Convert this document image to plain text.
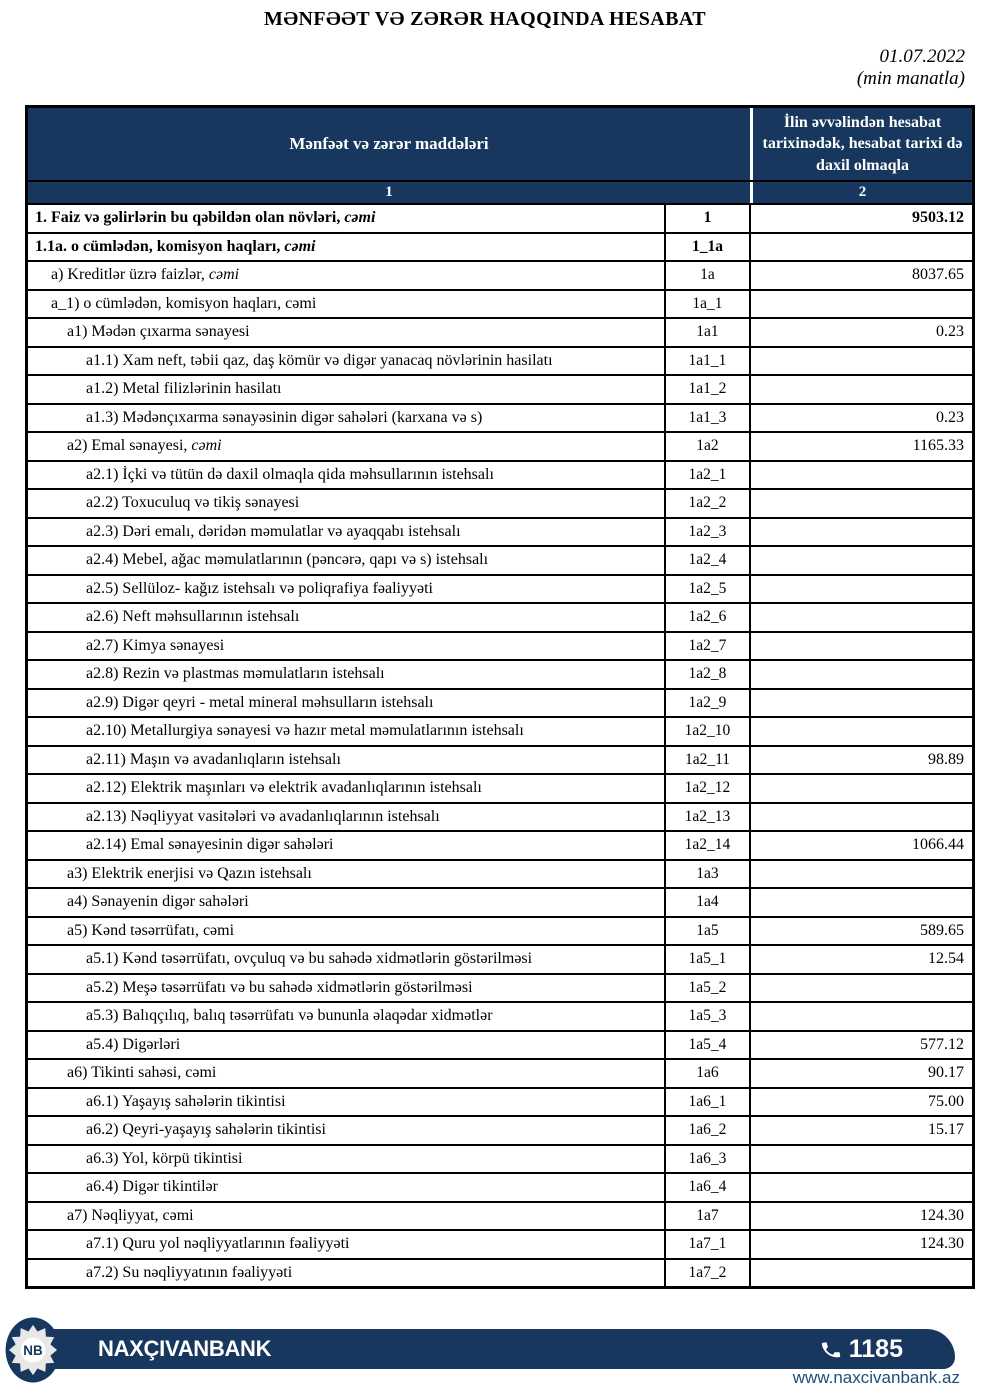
MƏNFƏƏT VƏ ZƏRƏR HAQQINDA HESABAT
01.07.2022
(min manatla)
Mənfəət və zərər maddələri
İlin əvvəlindən hesabat tarixinədək, hesabat tarixi də daxil olmaqla
1	2
1. Faiz və gəlirlərin bu qəbildən olan növləri, cəmi	1	9503.12
1.1a. o cümlədən, komisyon haqları, cəmi	1_1a
a) Kreditlər üzrə faizlər, cəmi	1a	8037.65
a_1) o cümlədən, komisyon haqları, cəmi	1a_1
a1) Mədən çıxarma sənayesi	1a1	0.23
a1.1) Xam neft, təbii qaz, daş kömür və digər yanacaq növlərinin hasilatı	1a1_1
a1.2) Metal filizlərinin hasilatı	1a1_2
a1.3) Mədənçıxarma sənayəsinin digər sahələri (karxana və s)	1a1_3	0.23
a2) Emal sənayesi, cəmi	1a2	1165.33
a2.1) İçki və tütün də daxil olmaqla qida məhsullarının istehsalı	1a2_1
a2.2) Toxuculuq və tikiş sənayesi	1a2_2
a2.3) Dəri emalı, dəridən məmulatlar və ayaqqabı istehsalı	1a2_3
a2.4) Mebel, ağac məmulatlarının (pəncərə, qapı və s) istehsalı	1a2_4
a2.5) Sellüloz- kağız istehsalı və poliqrafiya fəaliyyəti	1a2_5
a2.6) Neft məhsullarının istehsalı	1a2_6
a2.7) Kimya sənayesi	1a2_7
a2.8) Rezin və plastmas məmulatların istehsalı	1a2_8
a2.9) Digər qeyri - metal mineral məhsulların istehsalı	1a2_9
a2.10) Metallurgiya sənayesi və hazır metal məmulatlarının istehsalı	1a2_10
a2.11) Maşın və avadanlıqların istehsalı	1a2_11	98.89
a2.12) Elektrik maşınları və elektrik avadanlıqlarının istehsalı	1a2_12
a2.13) Nəqliyyat vasitələri və avadanlıqlarının istehsalı	1a2_13
a2.14) Emal sənayesinin digər sahələri	1a2_14	1066.44
a3) Elektrik enerjisi və Qazın istehsalı	1a3
a4) Sənayenin digər sahələri	1a4
a5) Kənd təsərrüfatı, cəmi	1a5	589.65
a5.1) Kənd təsərrüfatı, ovçuluq və bu sahədə xidmətlərin göstərilməsi	1a5_1	12.54
a5.2) Meşə təsərrüfatı və bu sahədə xidmətlərin göstərilməsi	1a5_2
a5.3) Balıqçılıq, balıq təsərrüfatı və bununla əlaqədar xidmətlər	1a5_3
a5.4) Digərləri	1a5_4	577.12
a6) Tikinti sahəsi, cəmi	1a6	90.17
a6.1) Yaşayış sahələrin tikintisi	1a6_1	75.00
a6.2) Qeyri-yaşayış sahələrin tikintisi	1a6_2	15.17
a6.3) Yol, körpü tikintisi	1a6_3
a6.4) Digər tikintilər	1a6_4
a7) Nəqliyyat, cəmi	1a7	124.30
a7.1) Quru yol nəqliyyatlarının fəaliyyəti	1a7_1	124.30
a7.2) Su nəqliyyatının fəaliyyəti	1a7_2
NAXÇIVANBANK	1185
NB
www.naxcivanbank.az
